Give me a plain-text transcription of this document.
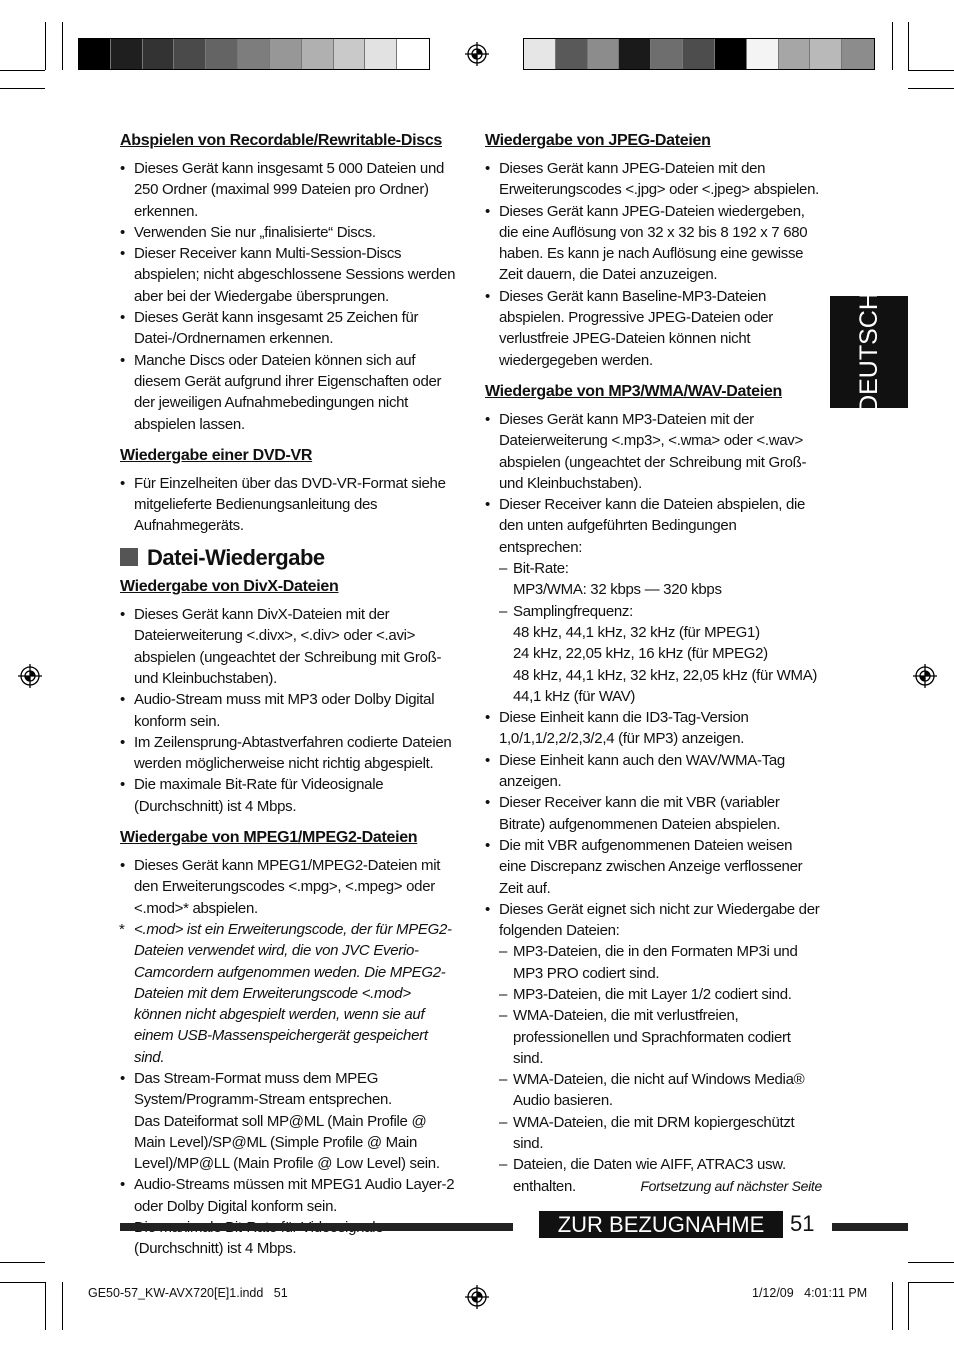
Abspielen von Recordable/Rewritable-Discs
• Dieses Gerät kann insgesamt 5 000 Dateien und 250 Ordner (maximal 999 Dateien pro Ordner) erkennen.
• Verwenden Sie nur „finalisierte“ Discs.
• Dieser Receiver kann Multi-Session-Discs abspielen; nicht abgeschlossene Sessions werden aber bei der Wiedergabe übersprungen.
• Dieses Gerät kann insgesamt 25 Zeichen für Datei-/Ordnernamen erkennen.
• Manche Discs oder Dateien können sich auf diesem Gerät aufgrund ihrer Eigenschaften oder der jeweiligen Aufnahmebedingungen nicht abspielen lassen.
Wiedergabe einer DVD-VR
• Für Einzelheiten über das DVD-VR-Format siehe mitgelieferte Bedienungsanleitung des Aufnahmegeräts.
Datei-Wiedergabe
Wiedergabe von DivX-Dateien
• Dieses Gerät kann DivX-Dateien mit der Dateierweiterung <.divx>, <.div> oder <.avi> abspielen (ungeachtet der Schreibung mit Groß- und Kleinbuchstaben).
• Audio-Stream muss mit MP3 oder Dolby Digital konform sein.
• Im Zeilensprung-Abtastverfahren codierte Dateien werden möglicherweise nicht richtig abgespielt.
• Die maximale Bit-Rate für Videosignale (Durchschnitt) ist 4 Mbps.
Wiedergabe von MPEG1/MPEG2-Dateien
• Dieses Gerät kann MPEG1/MPEG2-Dateien mit den Erweiterungscodes <.mpg>, <.mpeg> oder <.mod>* abspielen.
* <.mod> ist ein Erweiterungscode, der für MPEG2-Dateien verwendet wird, die von JVC Everio-Camcordern aufgenommen weden. Die MPEG2-Dateien mit dem Erweiterungscode <.mod> können nicht abgespielt werden, wenn sie auf einem USB-Massenspeichergerät gespeichert sind.
• Das Stream-Format muss dem MPEG System/Programm-Stream entsprechen.
Das Dateiformat soll MP@ML (Main Profile @ Main Level)/SP@ML (Simple Profile @ Main Level)/MP@LL (Main Profile @ Low Level) sein.
• Audio-Streams müssen mit MPEG1 Audio Layer-2 oder Dolby Digital konform sein.
• (Durchschnitt) ist 4 Mbps.
Wiedergabe von JPEG-Dateien
• Dieses Gerät kann JPEG-Dateien mit den Erweiterungscodes <.jpg> oder <.jpeg> abspielen.
• Dieses Gerät kann JPEG-Dateien wiedergeben, die eine Auflösung von 32 x 32 bis 8 192 x 7 680 haben. Es kann je nach Auflösung eine gewisse Zeit dauern, die Datei anzuzeigen.
• Dieses Gerät kann Baseline-MP3-Dateien abspielen. Progressive JPEG-Dateien oder verlustfreie JPEG-Dateien können nicht wiedergegeben werden.
Wiedergabe von MP3/WMA/WAV-Dateien
• Dieses Gerät kann MP3-Dateien mit der Dateierweiterung <.mp3>, <.wma> oder <.wav> abspielen (ungeachtet der Schreibung mit Groß- und Kleinbuchstaben).
• Dieser Receiver kann die Dateien abspielen, die den unten aufgeführten Bedingungen entsprechen:
– Bit-Rate:
MP3/WMA: 32 kbps — 320 kbps
– Samplingfrequenz:
48 kHz, 44,1 kHz, 32 kHz (für MPEG1)
24 kHz, 22,05 kHz, 16 kHz (für MPEG2)
48 kHz, 44,1 kHz, 32 kHz, 22,05 kHz (für WMA)
44,1 kHz (für WAV)
• Diese Einheit kann die ID3-Tag-Version 1,0/1,1/2,2/2,3/2,4 (für MP3) anzeigen.
• Diese Einheit kann auch den WAV/WMA-Tag anzeigen.
• Dieser Receiver kann die mit VBR (variabler Bitrate) aufgenommenen Dateien abspielen.
• Die mit VBR aufgenommenen Dateien weisen eine Discrepanz zwischen Anzeige verflossener Zeit auf.
• Dieses Gerät eignet sich nicht zur Wiedergabe der folgenden Dateien:
– MP3-Dateien, die in den Formaten MP3i und MP3 PRO codiert sind.
– MP3-Dateien, die mit Layer 1/2 codiert sind.
– WMA-Dateien, die mit verlustfreien, professionellen und Sprachformaten codiert sind.
– WMA-Dateien, die nicht auf Windows Media® Audio basieren.
– WMA-Dateien, die mit DRM kopiergeschützt sind.
– Dateien, die Daten wie AIFF, ATRAC3 usw. enthalten.
DEUTSCH
Fortsetzung auf nächster Seite
ZUR BEZUGNAHME	51
GE50-57_KW-AVX720[E]1.indd   51	1/12/09   4:01:11 PM
